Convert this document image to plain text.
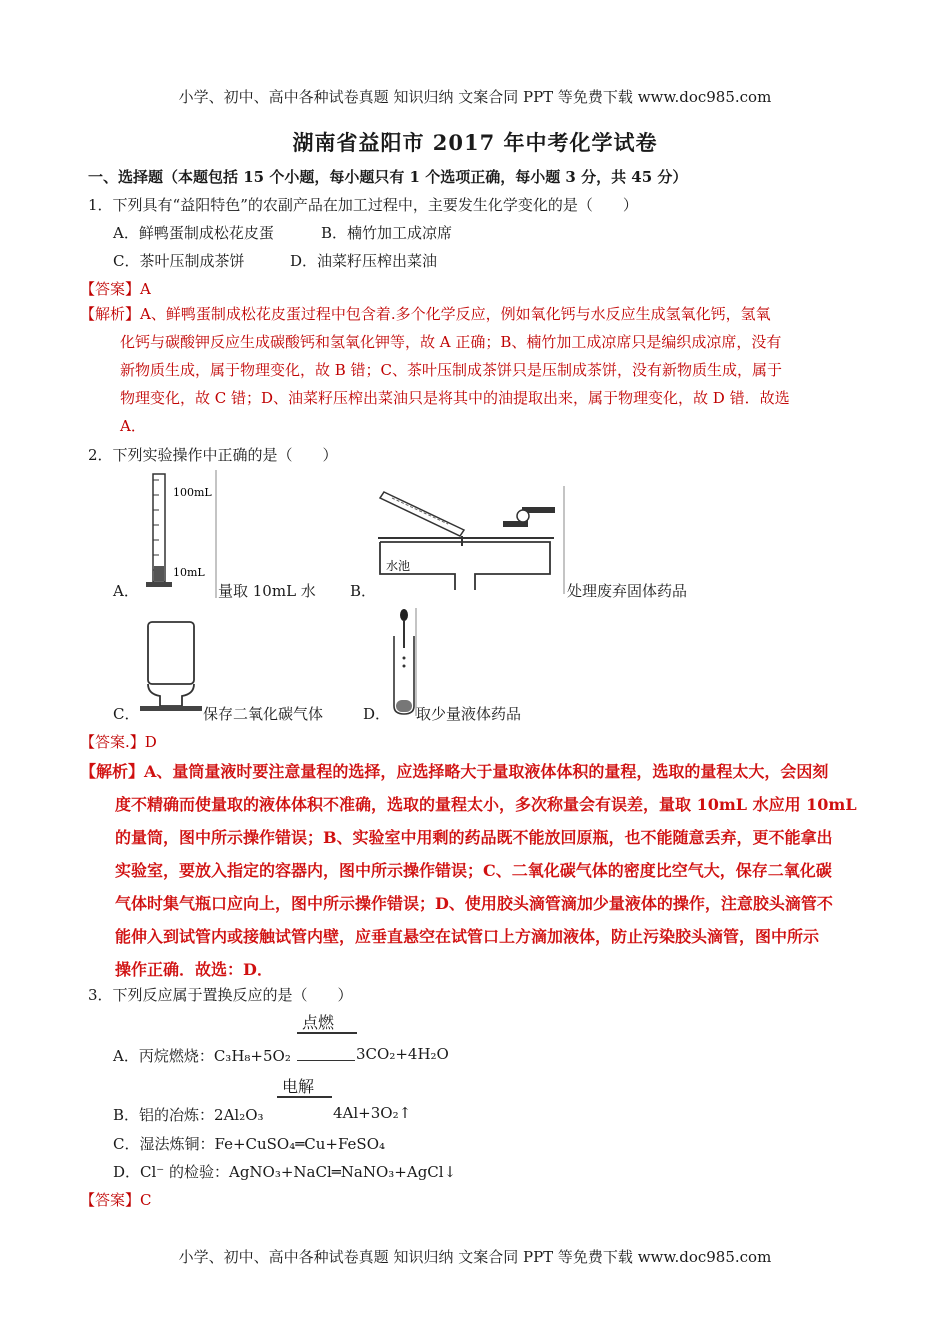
小学、初中、高中各种试卷真题 知识归纳 文案合同 PPT 等免费下载 www.doc985.com
湖南省益阳市 2017 年中考化学试卷
一、选择题（本题包括 15 个小题，每小题只有 1 个选项正确，每小题 3 分，共 45 分）
1．下列具有“益阳特色”的农副产品在加工过程中，主要发生化学变化的是（　　）
A．鲜鸭蛋制成松花皮蛋	B．楠竹加工成凉席
C．茶叶压制成茶饼	D．油菜籽压榨出菜油
【答案】A
【解析】A、鲜鸭蛋制成松花皮蛋过程中包含着.多个化学反应，例如氧化钙与水反应生成氢氧化钙，氢氧
化钙与碳酸钾反应生成碳酸钙和氢氧化钾等，故 A 正确；B、楠竹加工成凉席只是编织成凉席，没有
新物质生成，属于物理变化，故 B 错；C、茶叶压制成茶饼只是压制成茶饼，没有新物质生成，属于
物理变化，故 C 错；D、油菜籽压榨出菜油只是将其中的油提取出来，属于物理变化，故 D 错．故选
A．
2．下列实验操作中正确的是（　　）
A．
100mL
10mL
量取 10mL 水 B．
水池
处理废弃固体药品
C．	保存二氧化碳气体	D． 取少量液体药品
【答案.】D
【解析】A、量筒量液时要注意量程的选择，应选择略大于量取液体体积的量程，选取的量程太大，会因刻
度不精确而使量取的液体体积不准确，选取的量程太小，多次称量会有误差，量取 10mL 水应用 10mL
的量筒，图中所示操作错误；B、实验室中用剩的药品既不能放回原瓶，也不能随意丢弃，更不能拿出
实验室，要放入指定的容器内，图中所示操作错误；C、二氧化碳气体的密度比空气大，保存二氧化碳
气体时集气瓶口应向上，图中所示操作错误；D、使用胶头滴管滴加少量液体的操作，注意胶头滴管不
能伸入到试管内或接触试管内壁，应垂直悬空在试管口上方滴加液体，防止污染胶头滴管，图中所示
操作正确．故选：D．
3．下列反应属于置换反应的是（　　）
点燃
A．丙烷燃烧：C₃H₈+5O₂	3CO₂+4H₂O
电解
B．铝的冶炼：2Al₂O₃	4Al+3O₂↑
C．湿法炼铜：Fe+CuSO₄═Cu+FeSO₄
D．Cl⁻ 的检验：AgNO₃+NaCl═NaNO₃+AgCl↓
【答案】C
小学、初中、高中各种试卷真题 知识归纳 文案合同 PPT 等免费下载 www.doc985.com
